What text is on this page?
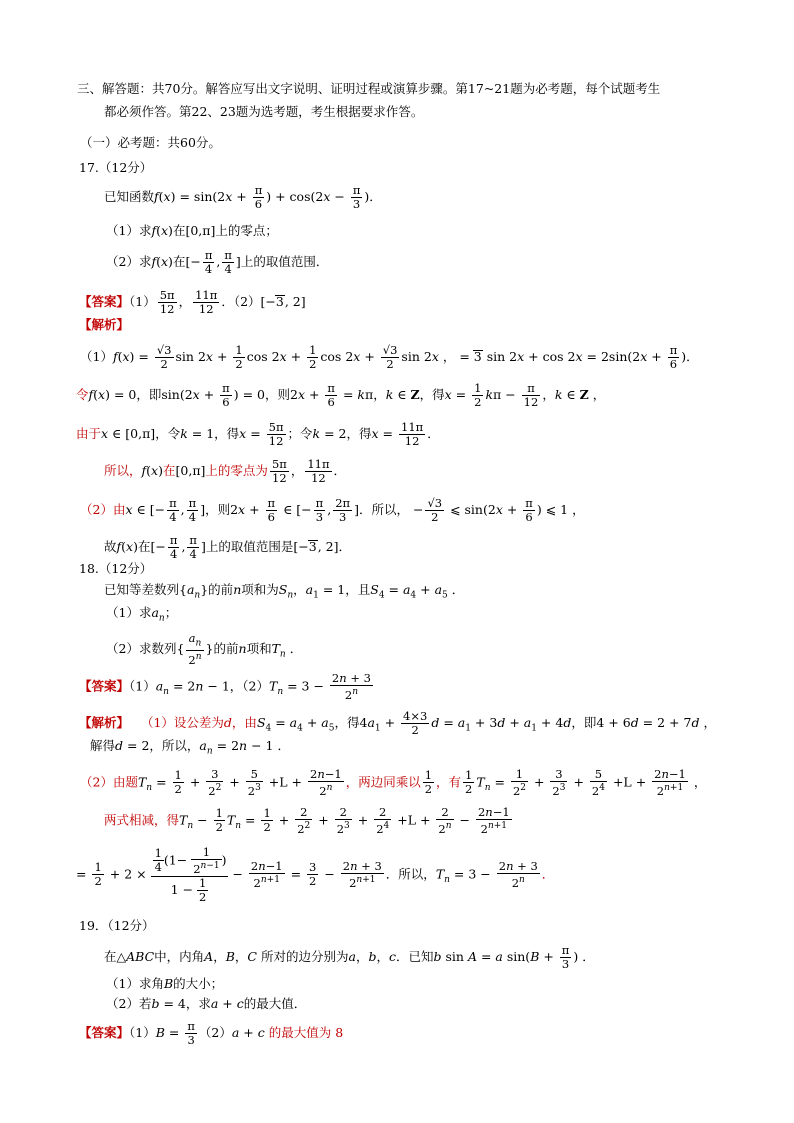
三、解答题：共70分。解答应写出文字说明、证明过程或演算步骤。第17~21题为必考题，每个试题考生
都必须作答。第22、23题为选考题，考生根据要求作答。
（一）必考题：共60分。
17.（12分）
已知函数$f(x) = \sin(2x + \frac{\pi}{6}$ ) + $\cos(2x - \frac{\pi}{3}$ )．
（1）求f(x)在[0,π]上的零点；
（2）求f(x)在[− $\frac{\pi}{4}$ , $\frac{\pi}{4}$ ]上的取值范围．
【答案】$(1) \frac{5\pi}{12}$ ， $\frac{11\pi}{12}$ ．（2）[−3, 2]
【解析】
$(1)f(x) = \frac{√3}{2}$ $\sin 2x + \frac{1}{2}$ $\cos 2x + \frac{1}{2}$ $\cos 2x + \frac{√3}{2}$ sin 2x ， = 3 $\sin 2x + \cos 2x = 2\sin(2x + \frac{\pi}{6}$ )．
令f(x) = 0，即$\sin(2x + \frac{\pi}{6}$ ) = 0，则$2x + \frac{\pi}{6} = k\pi$，k ∈ Z，得$x = \frac{1}{2}$ $k\pi - \frac{\pi}{12}$ ，k ∈ Z ，
由于x ∈ [0,π]，令k = 1，得$x = \frac{5\pi}{12}$ ；令k = 2，得$x = \frac{11\pi}{12}$ ．
所以，f(x)在[0,π]上的零点为 $\frac{5\pi}{12}$ ， $\frac{11\pi}{12}$ ．
（2）由x ∈ [− $\frac{\pi}{4}$ , $\frac{\pi}{4}$ ]，则$2x + \frac{\pi}{6}$ ∈ [− $\frac{\pi}{3}$ , $\frac{2\pi}{3}$ ]．所以， − $\frac{√3}{2}$ ⩽ $\sin(2x + \frac{\pi}{6}$ ) ⩽ 1 ，
故f(x)在[− $\frac{\pi}{4}$ , $\frac{\pi}{4}$ ]上的取值范围是[−3, 2]．
18.（12分）
已知等差数列$\{a_n\}$的前n项和为$S_n$，$a_1 = 1$，且$S_4 = a_4 + a_5$ ．
（1）求$a_n$；
（2）求数列{ $\frac{a_n}{2^n}$ }的前n项和$T_n$ ．
【答案】$(1)a_n = 2n - 1$，$(2)T_n = 3 - \frac{2n + 3}{2^n}$
【解析】 （1）设公差为d，由$S_4 = a_4 + a_5$，得$4a_1 + \frac{4\times 3}{2}$ $d = a_1 + 3d + a_1 + 4d$，即4 + 6d = 2 + 7d ，
解得d = 2，所以，$a_n = 2n - 1$ ．
（2）由题$T_n = \frac{1}{2} + \frac{3}{2^2} + \frac{5}{2^3} +L + \frac{2n-1}{2^n}$ ，两边同乘以 $\frac{1}{2}$ ，有 $\frac{1}{2} T_n = \frac{1}{2^2} + \frac{3}{2^3} + \frac{5}{2^4} +L + \frac{2n-1}{2^{n+1}}$ ，
两式相减，得$T_n - \frac{1}{2} T_n = \frac{1}{2} + \frac{2}{2^2} + \frac{2}{2^3} + \frac{2}{2^4} +L + \frac{2}{2^n} - \frac{2n-1}{2^{n+1}}$
= $\frac{1}{2} + 2 \times \frac{\frac{1}{4} (1- \frac{1}{2^{n-1}} )}{1 - \frac{1}{2}} - \frac{2n-1}{2^{n+1}} = \frac{3}{2} - \frac{2n + 3}{2^{n+1}}$ ．所以，$T_n = 3 - \frac{2n + 3}{2^n}$ ．
19．（12分）
在△ABC中，内角A，B，C 所对的边分别为a，b，c．已知b sin A = a $\sin(B + \frac{\pi}{3}$ ) ．
（1）求角B的大小；
（2）若b = 4，求a + c的最大值．
【答案】$(1)B = \frac{\pi}{3} (2)a + c$ 的最大值为 8
